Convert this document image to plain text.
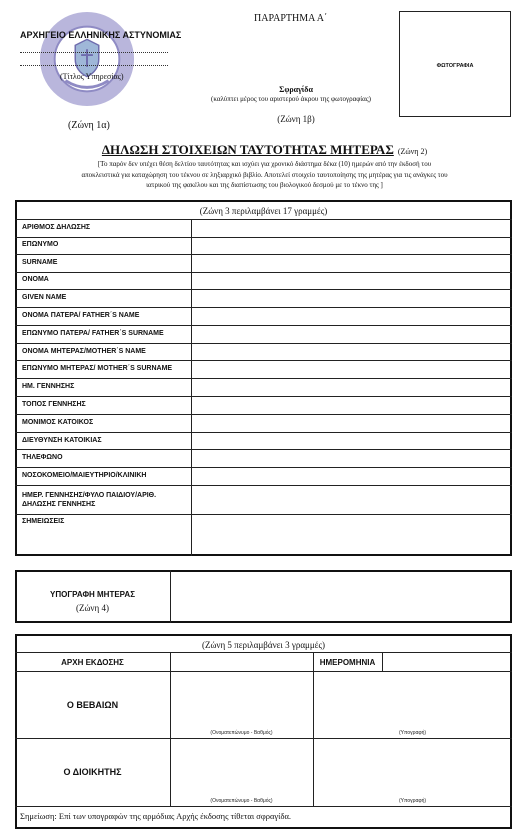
ΑΡΧΗΓΕΙΟ ΕΛΛΗΝΙΚΗΣ ΑΣΤΥΝΟΜΙΑΣ
(Τίτλος Υπηρεσίας)
(Ζώνη 1α)
ΠΑΡΑΡΤΗΜΑ Α΄
Σφραγίδα
(καλύπτει μέρος του αριστερού άκρου της φωτογραφίας)
(Ζώνη 1β)
ΦΩΤΟΓΡΑΦΙΑ
ΔΗΛΩΣΗ ΣΤΟΙΧΕΙΩΝ ΤΑΥΤΟΤΗΤΑΣ ΜΗΤΕΡΑΣ (Ζώνη 2)
[Το παρόν δεν υπέχει θέση δελτίου ταυτότητας και ισχύει για χρονικό διάστημα δέκα (10) ημερών από την έκδοσή του
αποκλειστικά για καταχώρηση του τέκνου σε ληξιαρχικό βιβλίο. Αποτελεί στοιχείο ταυτοποίησης της μητέρας για τις ανάγκες του
ιατρικού της φακέλου και της διαπίστωσης του βιολογικού δεσμού με το τέκνο της ]
(Ζώνη 3 περιλαμβάνει 17 γραμμές)
ΑΡΙΘΜΟΣ ΔΗΛΩΣΗΣ
ΕΠΩΝΥΜΟ
SURNAME
ΟΝΟΜΑ
GIVEN NAME
ΟΝΟΜΑ ΠΑΤΕΡΑ/ FATHER΄S NAME
ΕΠΩΝΥΜΟ ΠΑΤΕΡΑ/ FATHER΄S SURNAME
ΟΝΟΜΑ ΜΗΤΕΡΑΣ/MOTHER΄S NAME
ΕΠΩΝΥΜΟ ΜΗΤΕΡΑΣ/ MOTHER΄S SURNAME
ΗΜ. ΓΕΝΝΗΣΗΣ
ΤΟΠΟΣ ΓΕΝΝΗΣΗΣ
ΜΟΝΙΜΟΣ ΚΑΤΟΙΚΟΣ
ΔΙΕΥΘΥΝΣΗ ΚΑΤΟΙΚΙΑΣ
ΤΗΛΕΦΩΝΟ
ΝΟΣΟΚΟΜΕΙΟ/ΜΑΙΕΥΤΗΡΙΟ/ΚΛΙΝΙΚΗ
ΗΜΕΡ. ΓΕΝΝΗΣΗΣ/ΦΥΛΟ ΠΑΙΔΙΟΥ/ΑΡΙΘ.
ΔΗΛΩΣΗΣ ΓΕΝΝΗΣΗΣ
ΣΗΜΕΙΩΣΕΙΣ
ΥΠΟΓΡΑΦΗ ΜΗΤΕΡΑΣ
(Ζώνη 4)
(Ζώνη 5 περιλαμβάνει 3 γραμμές)
ΑΡΧΗ ΕΚΔΟΣΗΣ	ΗΜΕΡΟΜΗΝΙΑ
Ο ΒΕΒΑΙΩΝ
(Ονοματεπώνυμο - Βαθμός)	(Υπογραφή)
Ο ΔΙΟΙΚΗΤΗΣ
(Ονοματεπώνυμο - Βαθμός)	(Υπογραφή)
Σημείωση: Επί των υπογραφών της αρμόδιας Αρχής έκδοσης τίθεται σφραγίδα.
